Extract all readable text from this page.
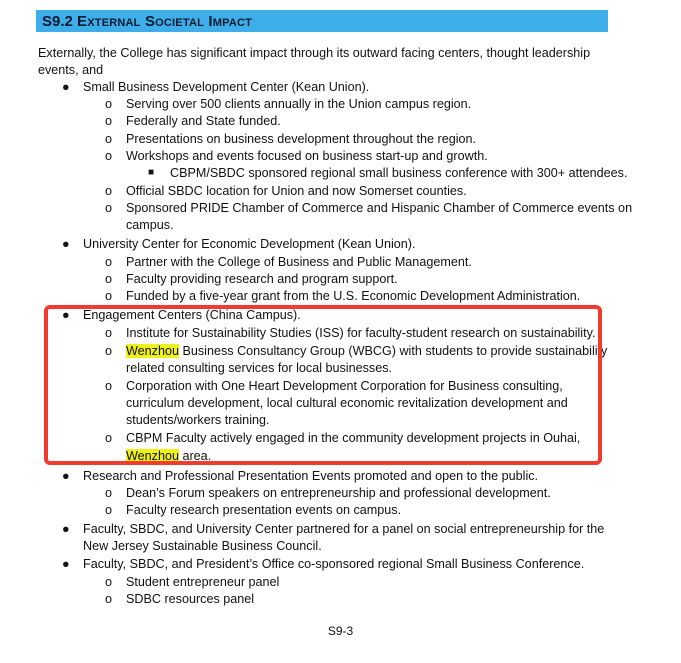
S9.2 External Societal Impact
Externally, the College has significant impact through its outward facing centers, thought leadership
events, and
● Small Business Development Center (Kean Union).
o Serving over 500 clients annually in the Union campus region.
o Federally and State funded.
o Presentations on business development throughout the region.
o Workshops and events focused on business start-up and growth.
■ CBPM/SBDC sponsored regional small business conference with 300+ attendees.
o Official SBDC location for Union and now Somerset counties.
o Sponsored PRIDE Chamber of Commerce and Hispanic Chamber of Commerce events on
campus.
● University Center for Economic Development (Kean Union).
o Partner with the College of Business and Public Management.
o Faculty providing research and program support.
o Funded by a five-year grant from the U.S. Economic Development Administration.
● Engagement Centers (China Campus).
o Institute for Sustainability Studies (ISS) for faculty-student research on sustainability.
o Wenzhou Business Consultancy Group (WBCG) with students to provide sustainability
related consulting services for local businesses.
o Corporation with One Heart Development Corporation for Business consulting,
curriculum development, local cultural economic revitalization development and
students/workers training.
o CBPM Faculty actively engaged in the community development projects in Ouhai,
Wenzhou area.
● Research and Professional Presentation Events promoted and open to the public.
o Dean’s Forum speakers on entrepreneurship and professional development.
o Faculty research presentation events on campus.
● Faculty, SBDC, and University Center partnered for a panel on social entrepreneurship for the
New Jersey Sustainable Business Council.
● Faculty, SBDC, and President’s Office co-sponsored regional Small Business Conference.
o Student entrepreneur panel
o SDBC resources panel
S9-3
